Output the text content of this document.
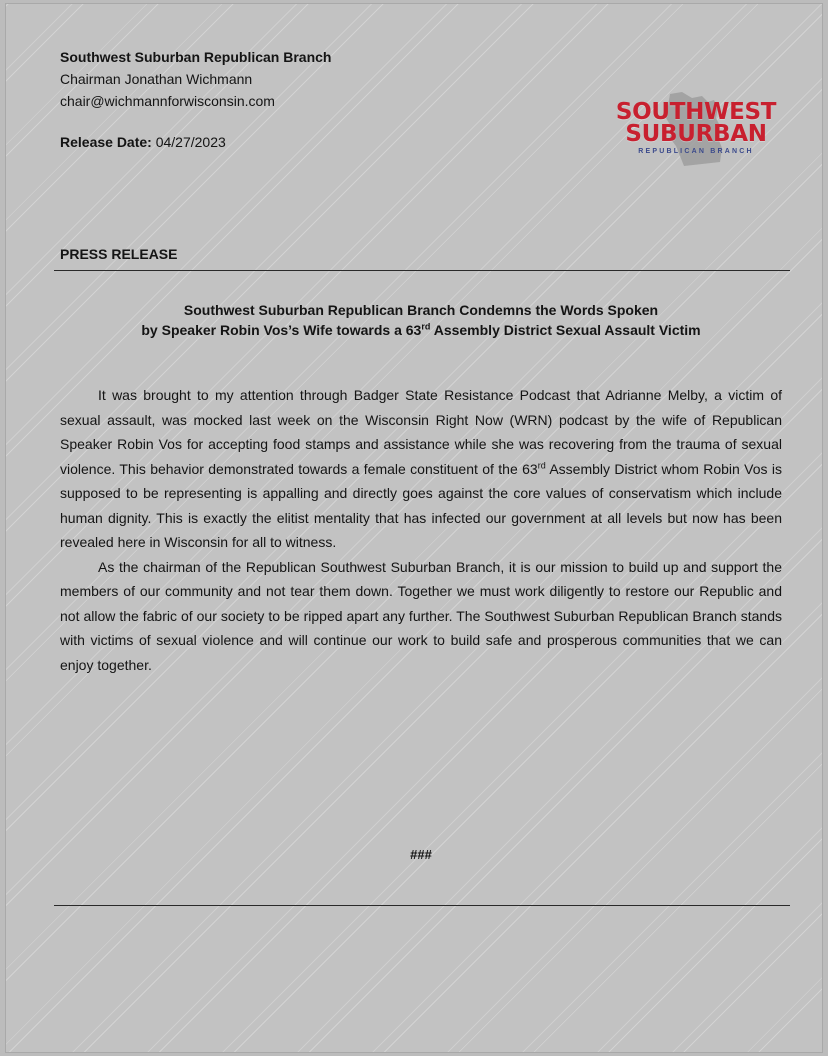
Southwest Suburban Republican Branch
Chairman Jonathan Wichmann
chair@wichmannforwisconsin.com
Release Date: 04/27/2023
SOUTHWEST
SUBURBAN
REPUBLICAN BRANCH
PRESS RELEASE
Southwest Suburban Republican Branch Condemns the Words Spoken
by Speaker Robin Vos’s Wife towards a 63rd Assembly District Sexual Assault Victim

It was brought to my attention through Badger State Resistance Podcast that Adrianne Melby, a victim of sexual assault, was mocked last week on the Wisconsin Right Now (WRN) podcast by the wife of Republican Speaker Robin Vos for accepting food stamps and assistance while she was recovering from the trauma of sexual violence. This behavior demonstrated towards a female constituent of the 63rd Assembly District whom Robin Vos is supposed to be representing is appalling and directly goes against the core values of conservatism which include human dignity. This is exactly the elitist mentality that has infected our government at all levels but now has been revealed here in Wisconsin for all to witness.

As the chairman of the Republican Southwest Suburban Branch, it is our mission to build up and support the members of our community and not tear them down. Together we must work diligently to restore our Republic and not allow the fabric of our society to be ripped apart any further. The Southwest Suburban Republican Branch stands with victims of sexual violence and will continue our work to build safe and prosperous communities that we can enjoy together.

###
